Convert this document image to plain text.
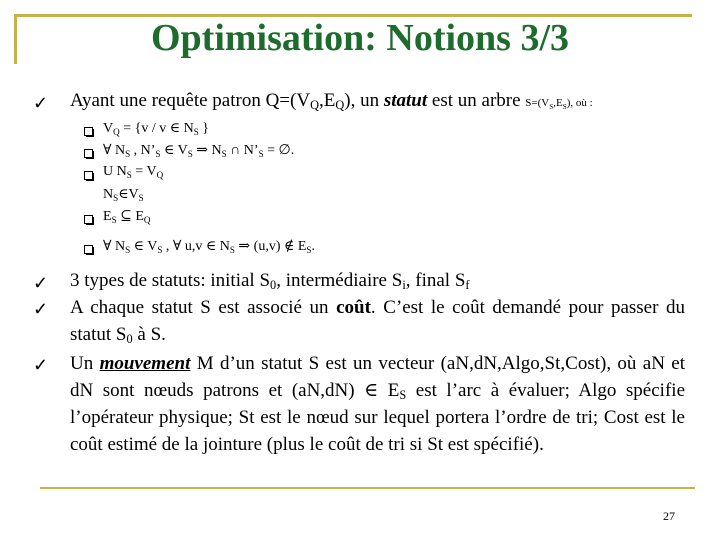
Optimisation: Notions 3/3
✓ Ayant une requête patron $Q=(V_Q,E_Q)$, un statut est un arbre $S=(V_S,E_S)$, où :
$V_Q = \{v / v$ ∈ $N_S$ }
∀ $N_S$ , $N’_S$ ∈ $V_S$ ⇒ $N_S$ ∩ $N’_S$ = ∅.
U $N_S = V_Q$
$N_S\in V_S$
$E_S$ ⊆ $E_Q$
∀ $N_S$ ∈ $V_S$ , ∀ u,v ∈ $N_S$ ⇒ (u,v) ∉ $E_S$.
✓ 3 types de statuts: initial $S_0$, intermédiaire $S_i$, final $S_f$
✓ A chaque statut S est associé un coût. C’est le coût demandé pour passer du statut $S_0$ à S.
✓ Un mouvement M d’un statut S est un vecteur (aN,dN,Algo,St,Cost), où aN et dN sont nœuds patrons et (aN,dN) ∈ $E_S$ est l’arc à évaluer; Algo spécifie l’opérateur physique; St est le nœud sur lequel portera l’ordre de tri; Cost est le coût estimé de la jointure (plus le coût de tri si St est spécifié).
27
